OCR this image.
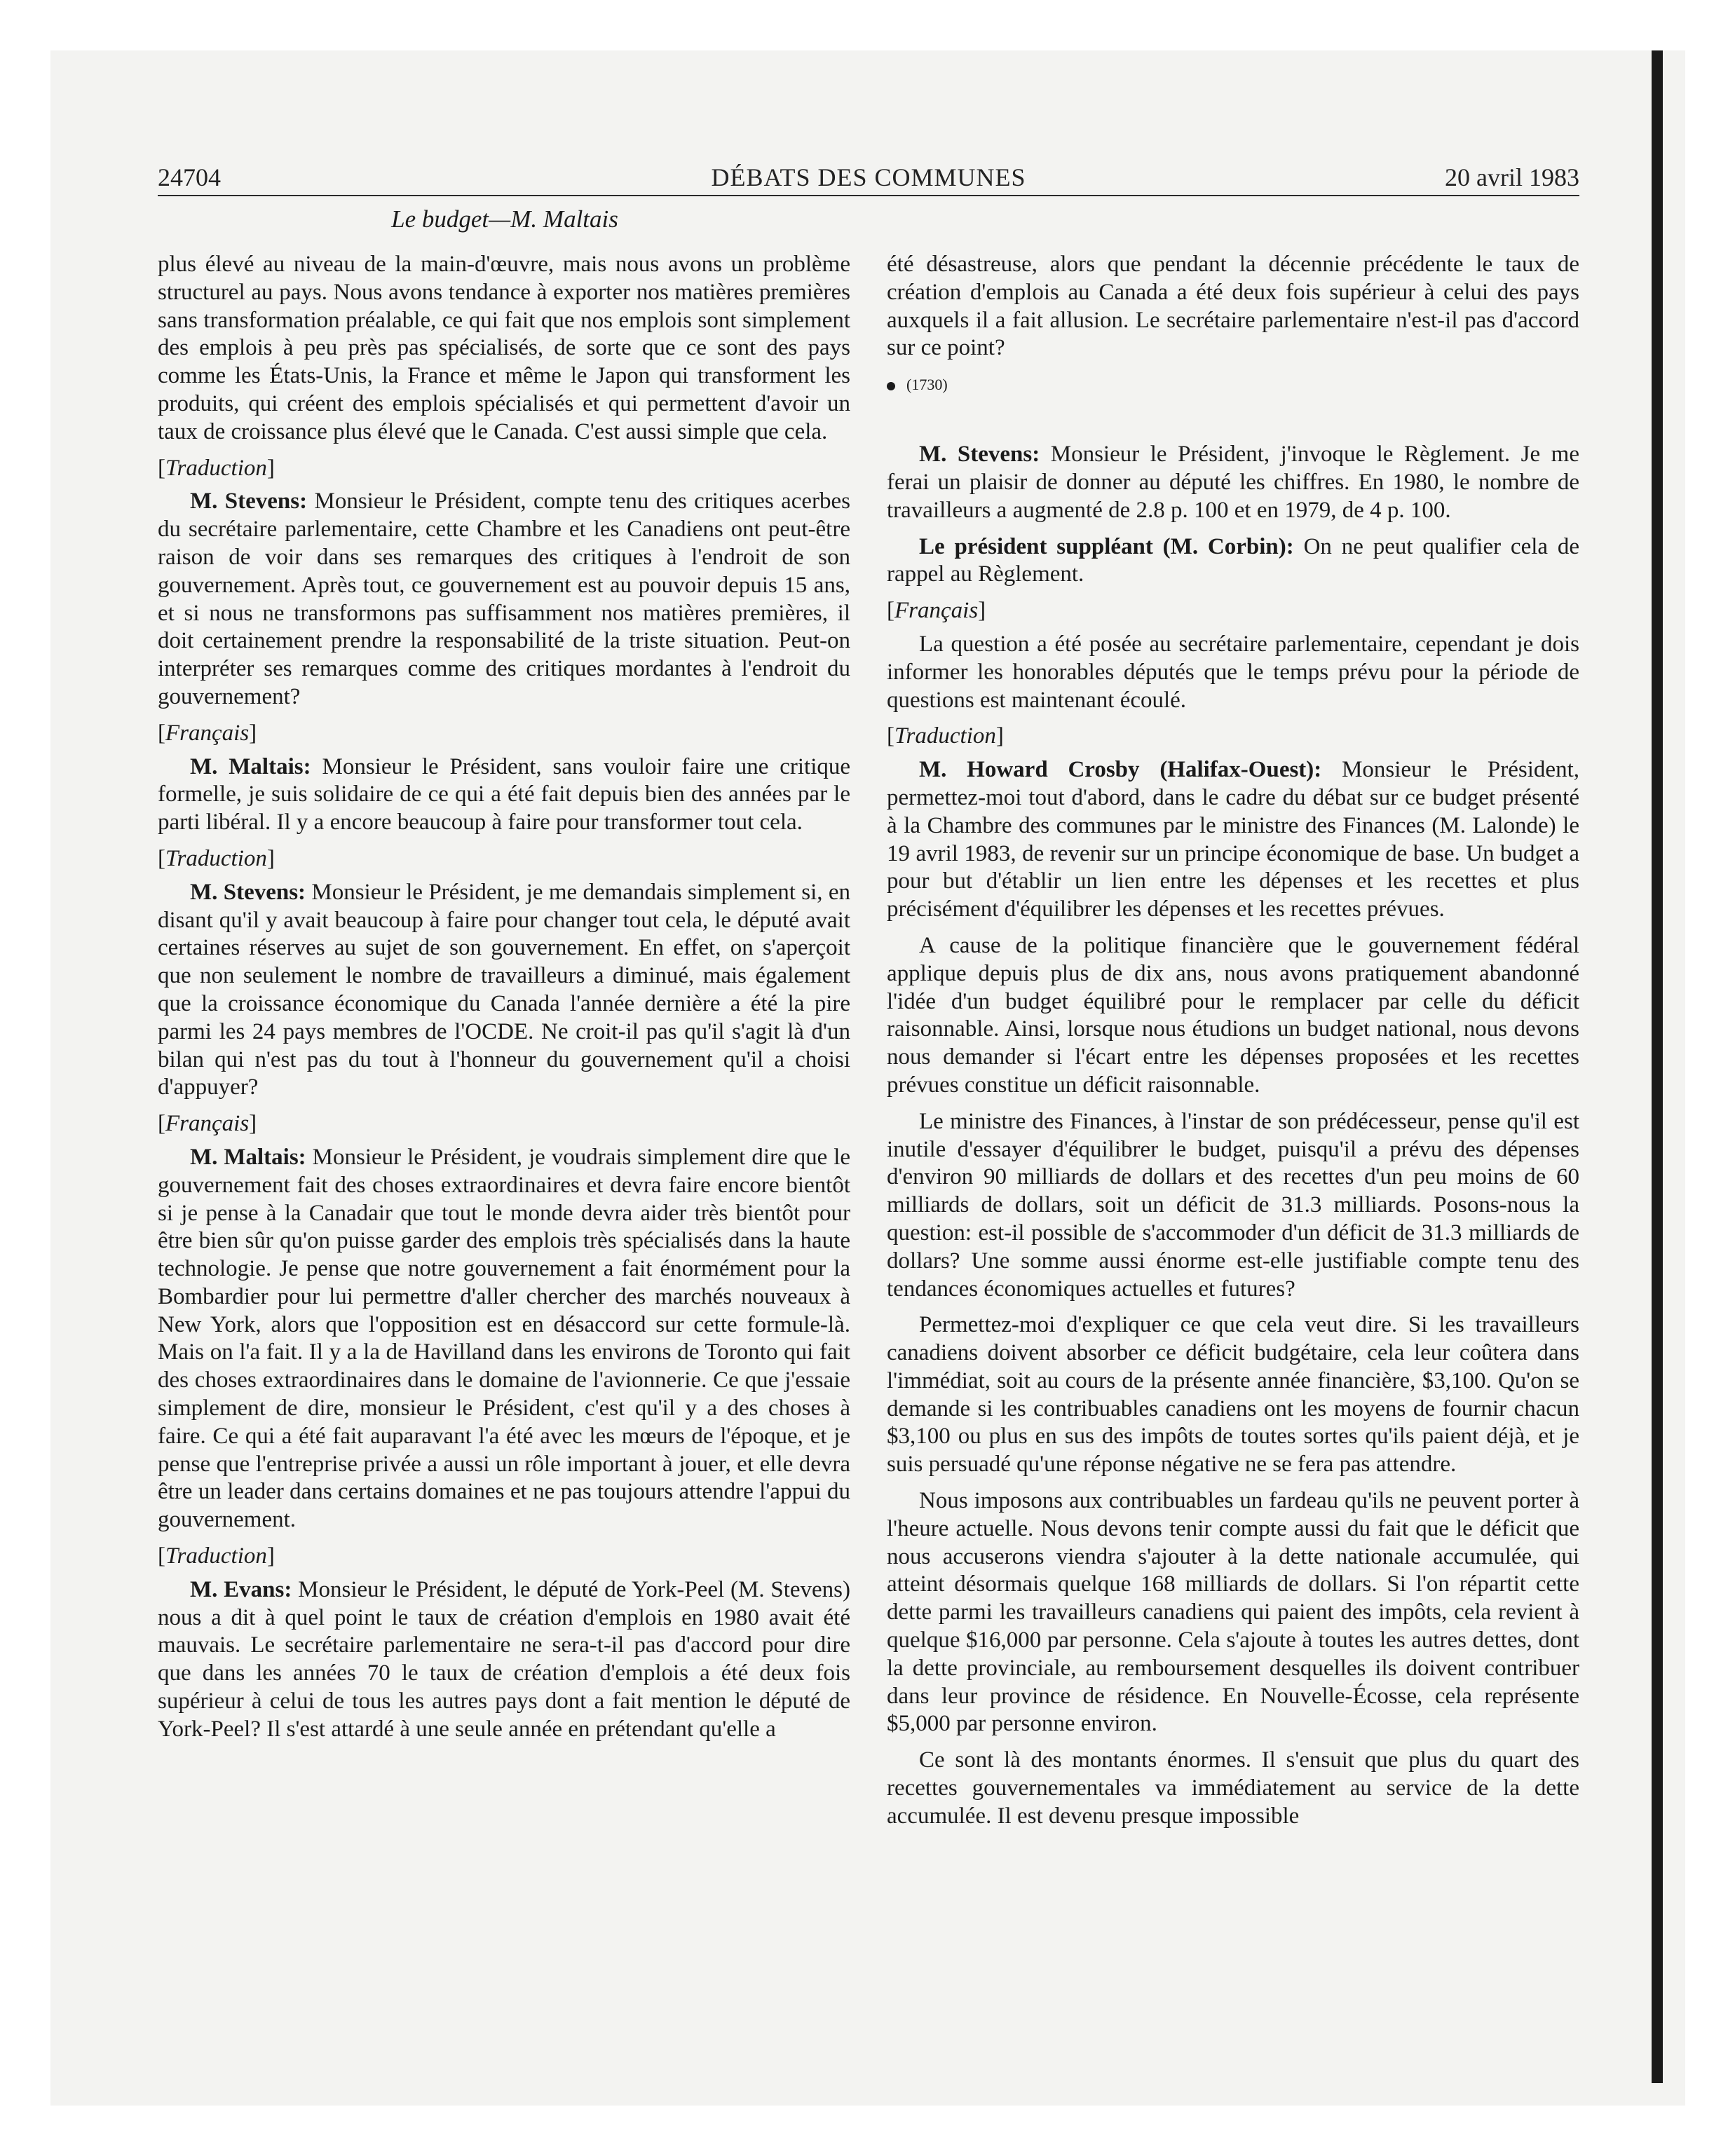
24704	DÉBATS DES COMMUNES	20 avril 1983
Le budget—M. Maltais

plus élevé au niveau de la main-d'œuvre, mais nous avons un problème structurel au pays. Nous avons tendance à exporter nos matières premières sans transformation préalable, ce qui fait que nos emplois sont simplement des emplois à peu près pas spécialisés, de sorte que ce sont des pays comme les États-Unis, la France et même le Japon qui transforment les produits, qui créent des emplois spécialisés et qui permettent d'avoir un taux de croissance plus élevé que le Canada. C'est aussi simple que cela.

[Traduction]

M. Stevens: Monsieur le Président, compte tenu des critiques acerbes du secrétaire parlementaire, cette Chambre et les Canadiens ont peut-être raison de voir dans ses remarques des critiques à l'endroit de son gouvernement. Après tout, ce gouvernement est au pouvoir depuis 15 ans, et si nous ne transformons pas suffisamment nos matières premières, il doit certainement prendre la responsabilité de la triste situation. Peut-on interpréter ses remarques comme des critiques mordantes à l'endroit du gouvernement?

[Français]

M. Maltais: Monsieur le Président, sans vouloir faire une critique formelle, je suis solidaire de ce qui a été fait depuis bien des années par le parti libéral. Il y a encore beaucoup à faire pour transformer tout cela.

[Traduction]

M. Stevens: Monsieur le Président, je me demandais simplement si, en disant qu'il y avait beaucoup à faire pour changer tout cela, le député avait certaines réserves au sujet de son gouvernement. En effet, on s'aperçoit que non seulement le nombre de travailleurs a diminué, mais également que la croissance économique du Canada l'année dernière a été la pire parmi les 24 pays membres de l'OCDE. Ne croit-il pas qu'il s'agit là d'un bilan qui n'est pas du tout à l'honneur du gouvernement qu'il a choisi d'appuyer?

[Français]

M. Maltais: Monsieur le Président, je voudrais simplement dire que le gouvernement fait des choses extraordinaires et devra faire encore bientôt si je pense à la Canadair que tout le monde devra aider très bientôt pour être bien sûr qu'on puisse garder des emplois très spécialisés dans la haute technologie. Je pense que notre gouvernement a fait énormément pour la Bombardier pour lui permettre d'aller chercher des marchés nouveaux à New York, alors que l'opposition est en désaccord sur cette formule-là. Mais on l'a fait. Il y a la de Havilland dans les environs de Toronto qui fait des choses extraordinaires dans le domaine de l'avionnerie. Ce que j'essaie simplement de dire, monsieur le Président, c'est qu'il y a des choses à faire. Ce qui a été fait auparavant l'a été avec les mœurs de l'époque, et je pense que l'entreprise privée a aussi un rôle important à jouer, et elle devra être un leader dans certains domaines et ne pas toujours attendre l'appui du gouvernement.

[Traduction]

M. Evans: Monsieur le Président, le député de York-Peel (M. Stevens) nous a dit à quel point le taux de création d'emplois en 1980 avait été mauvais. Le secrétaire parlementaire ne sera-t-il pas d'accord pour dire que dans les années 70 le taux de création d'emplois a été deux fois supérieur à celui de tous les autres pays dont a fait mention le député de York-Peel? Il s'est attardé à une seule année en prétendant qu'elle a

été désastreuse, alors que pendant la décennie précédente le taux de création d'emplois au Canada a été deux fois supérieur à celui des pays auxquels il a fait allusion. Le secrétaire parlementaire n'est-il pas d'accord sur ce point?

(1730)

M. Stevens: Monsieur le Président, j'invoque le Règlement. Je me ferai un plaisir de donner au député les chiffres. En 1980, le nombre de travailleurs a augmenté de 2.8 p. 100 et en 1979, de 4 p. 100.

Le président suppléant (M. Corbin): On ne peut qualifier cela de rappel au Règlement.

[Français]

La question a été posée au secrétaire parlementaire, cependant je dois informer les honorables députés que le temps prévu pour la période de questions est maintenant écoulé.

[Traduction]

M. Howard Crosby (Halifax-Ouest): Monsieur le Président, permettez-moi tout d'abord, dans le cadre du débat sur ce budget présenté à la Chambre des communes par le ministre des Finances (M. Lalonde) le 19 avril 1983, de revenir sur un principe économique de base. Un budget a pour but d'établir un lien entre les dépenses et les recettes et plus précisément d'équilibrer les dépenses et les recettes prévues.

A cause de la politique financière que le gouvernement fédéral applique depuis plus de dix ans, nous avons pratiquement abandonné l'idée d'un budget équilibré pour le remplacer par celle du déficit raisonnable. Ainsi, lorsque nous étudions un budget national, nous devons nous demander si l'écart entre les dépenses proposées et les recettes prévues constitue un déficit raisonnable.

Le ministre des Finances, à l'instar de son prédécesseur, pense qu'il est inutile d'essayer d'équilibrer le budget, puisqu'il a prévu des dépenses d'environ 90 milliards de dollars et des recettes d'un peu moins de 60 milliards de dollars, soit un déficit de 31.3 milliards. Posons-nous la question: est-il possible de s'accommoder d'un déficit de 31.3 milliards de dollars? Une somme aussi énorme est-elle justifiable compte tenu des tendances économiques actuelles et futures?

Permettez-moi d'expliquer ce que cela veut dire. Si les travailleurs canadiens doivent absorber ce déficit budgétaire, cela leur coûtera dans l'immédiat, soit au cours de la présente année financière, $3,100. Qu'on se demande si les contribuables canadiens ont les moyens de fournir chacun $3,100 ou plus en sus des impôts de toutes sortes qu'ils paient déjà, et je suis persuadé qu'une réponse négative ne se fera pas attendre.

Nous imposons aux contribuables un fardeau qu'ils ne peuvent porter à l'heure actuelle. Nous devons tenir compte aussi du fait que le déficit que nous accuserons viendra s'ajouter à la dette nationale accumulée, qui atteint désormais quelque 168 milliards de dollars. Si l'on répartit cette dette parmi les travailleurs canadiens qui paient des impôts, cela revient à quelque $16,000 par personne. Cela s'ajoute à toutes les autres dettes, dont la dette provinciale, au remboursement desquelles ils doivent contribuer dans leur province de résidence. En Nouvelle-Écosse, cela représente $5,000 par personne environ.

Ce sont là des montants énormes. Il s'ensuit que plus du quart des recettes gouvernementales va immédiatement au service de la dette accumulée. Il est devenu presque impossible
